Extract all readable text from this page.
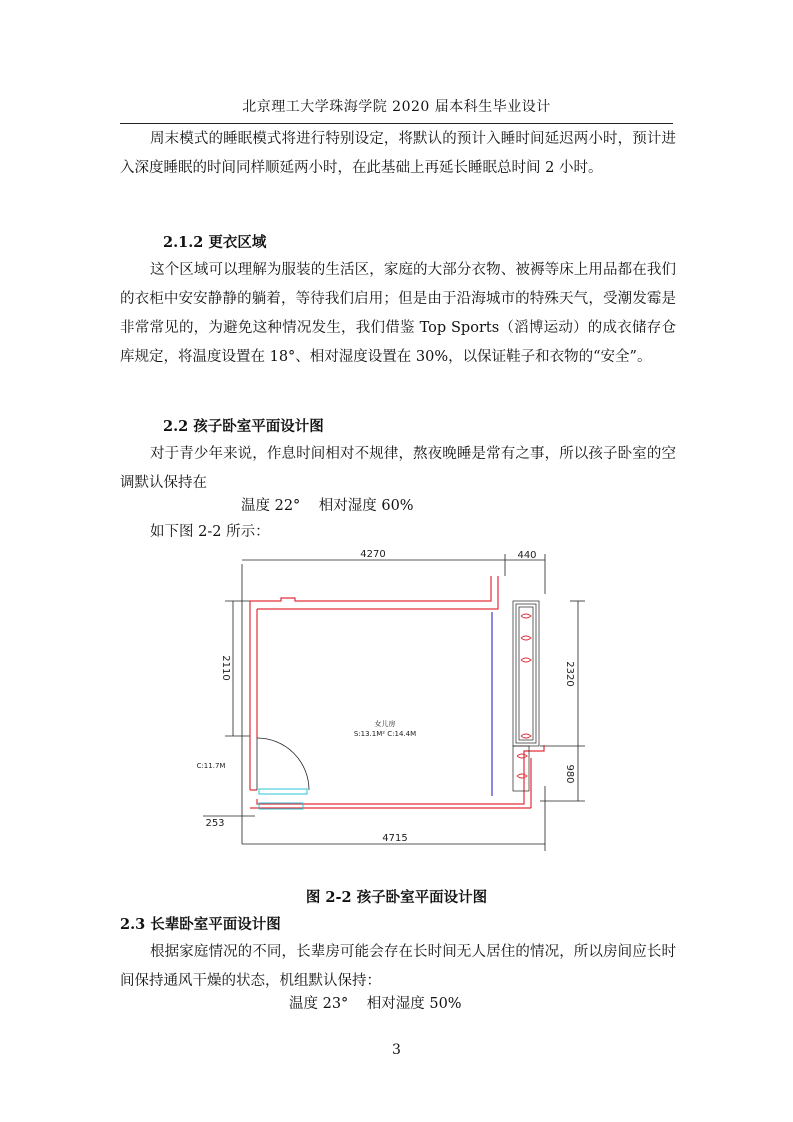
北京理工大学珠海学院 2020 届本科生毕业设计

周末模式的睡眠模式将进行特别设定，将默认的预计入睡时间延迟两小时，预计进入深度睡眠的时间同样顺延两小时，在此基础上再延长睡眠总时间 2 小时。

2.1.2 更衣区域

这个区域可以理解为服装的生活区，家庭的大部分衣物、被褥等床上用品都在我们的衣柜中安安静静的躺着，等待我们启用；但是由于沿海城市的特殊天气，受潮发霉是非常常见的，为避免这种情况发生，我们借鉴 Top Sports（滔博运动）的成衣储存仓库规定，将温度设置在 18°、相对湿度设置在 30%，以保证鞋子和衣物的“安全”。

2.2 孩子卧室平面设计图

对于青少年来说，作息时间相对不规律，熬夜晚睡是常有之事，所以孩子卧室的空调默认保持在

温度 22°    相对湿度 60%
如下图 2-2 所示：
4270	440
2110	2320
980
4715
253
C:11.7M
女儿房
S:13.1M² C:14.4M
图 2-2 孩子卧室平面设计图

2.3 长辈卧室平面设计图

根据家庭情况的不同，长辈房可能会存在长时间无人居住的情况，所以房间应长时间保持通风干燥的状态，机组默认保持：

温度 23°    相对湿度 50%
3
